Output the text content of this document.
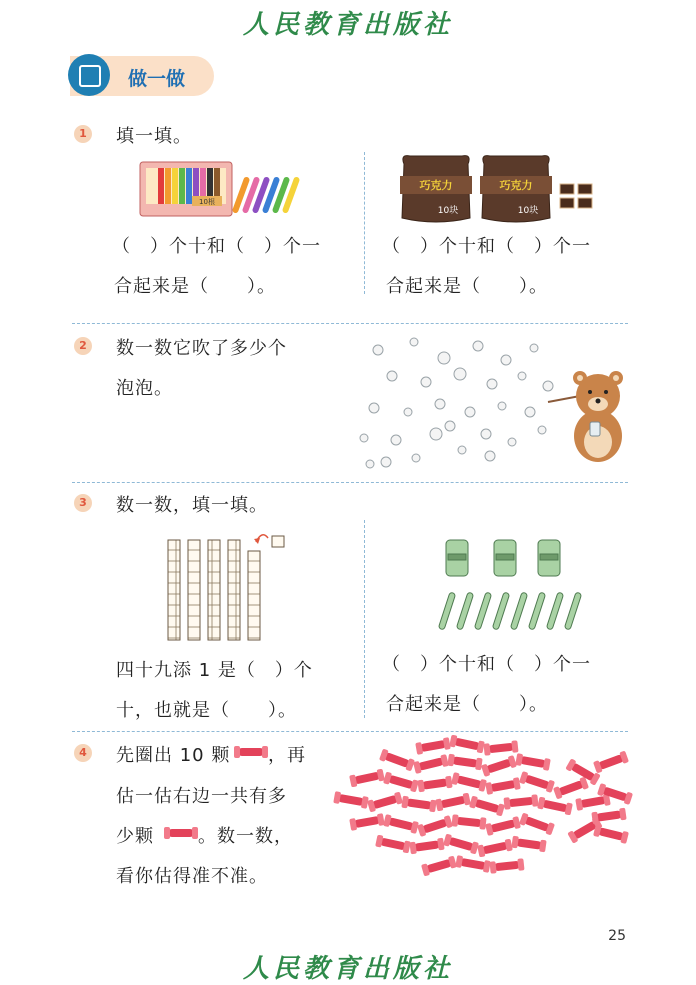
人民教育出版社
做一做
1 填一填。
10根
（　）个十和（　）个一
合起来是（　　）。
巧克力
10块
巧克力
10块
（　）个十和（　）个一
合起来是（　　）。
2 数一数它吹了多少个
泡泡。
3 数一数，填一填。
四十九添 1 是（　）个
十，也就是（　　）。
（　）个十和（　）个一
合起来是（　　）。
4 先圈出 10 颗 ，再
估一估右边一共有多
少颗 。数一数，
看你估得准不准。
25
人民教育出版社
